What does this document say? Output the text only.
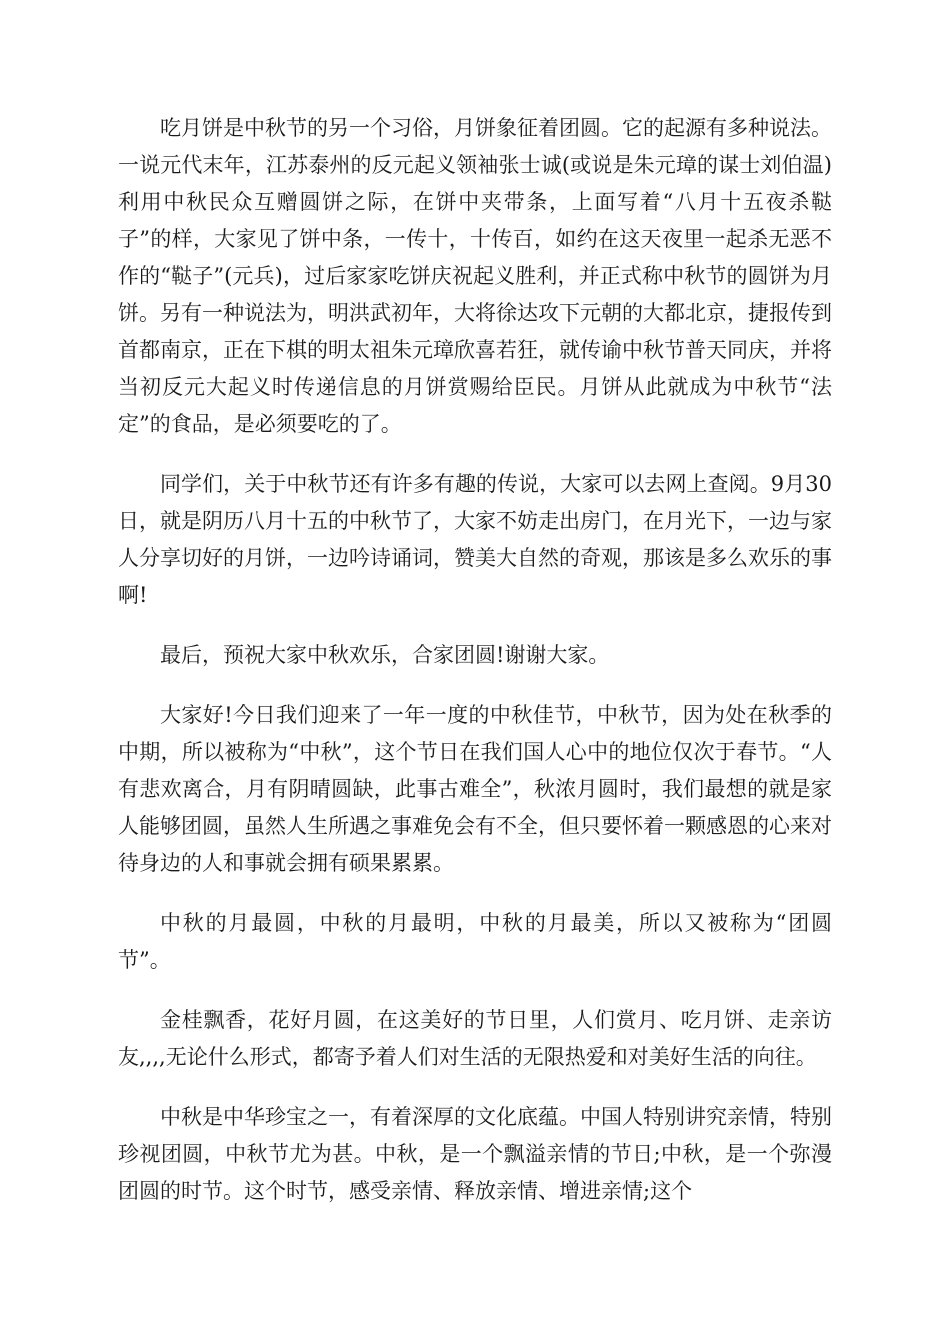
吃月饼是中秋节的另一个习俗，月饼象征着团圆。它的起源有多种说法。一说元代末年，江苏泰州的反元起义领袖张士诚(或说是朱元璋的谋士刘伯温)利用中秋民众互赠圆饼之际，在饼中夹带条，上面写着“八月十五夜杀鞑子”的样，大家见了饼中条，一传十，十传百，如约在这天夜里一起杀无恶不作的“鞑子”(元兵)，过后家家吃饼庆祝起义胜利，并正式称中秋节的圆饼为月饼。另有一种说法为，明洪武初年，大将徐达攻下元朝的大都北京，捷报传到首都南京，正在下棋的明太祖朱元璋欣喜若狂，就传谕中秋节普天同庆，并将当初反元大起义时传递信息的月饼赏赐给臣民。月饼从此就成为中秋节“法定”的食品，是必须要吃的了。

同学们，关于中秋节还有许多有趣的传说，大家可以去网上查阅。9月30日，就是阴历八月十五的中秋节了，大家不妨走出房门，在月光下，一边与家人分享切好的月饼，一边吟诗诵词，赞美大自然的奇观，那该是多么欢乐的事啊!

最后，预祝大家中秋欢乐，合家团圆!谢谢大家。

大家好!今日我们迎来了一年一度的中秋佳节，中秋节，因为处在秋季的中期，所以被称为“中秋”，这个节日在我们国人心中的地位仅次于春节。“人有悲欢离合，月有阴晴圆缺，此事古难全”，秋浓月圆时，我们最想的就是家人能够团圆，虽然人生所遇之事难免会有不全，但只要怀着一颗感恩的心来对待身边的人和事就会拥有硕果累累。

中秋的月最圆，中秋的月最明，中秋的月最美，所以又被称为“团圆节”。

金桂飘香，花好月圆，在这美好的节日里，人们赏月、吃月饼、走亲访友,,,,无论什么形式，都寄予着人们对生活的无限热爱和对美好生活的向往。

中秋是中华珍宝之一，有着深厚的文化底蕴。中国人特别讲究亲情，特别珍视团圆，中秋节尤为甚。中秋，是一个飘溢亲情的节日;中秋，是一个弥漫团圆的时节。这个时节，感受亲情、释放亲情、增进亲情;这个
